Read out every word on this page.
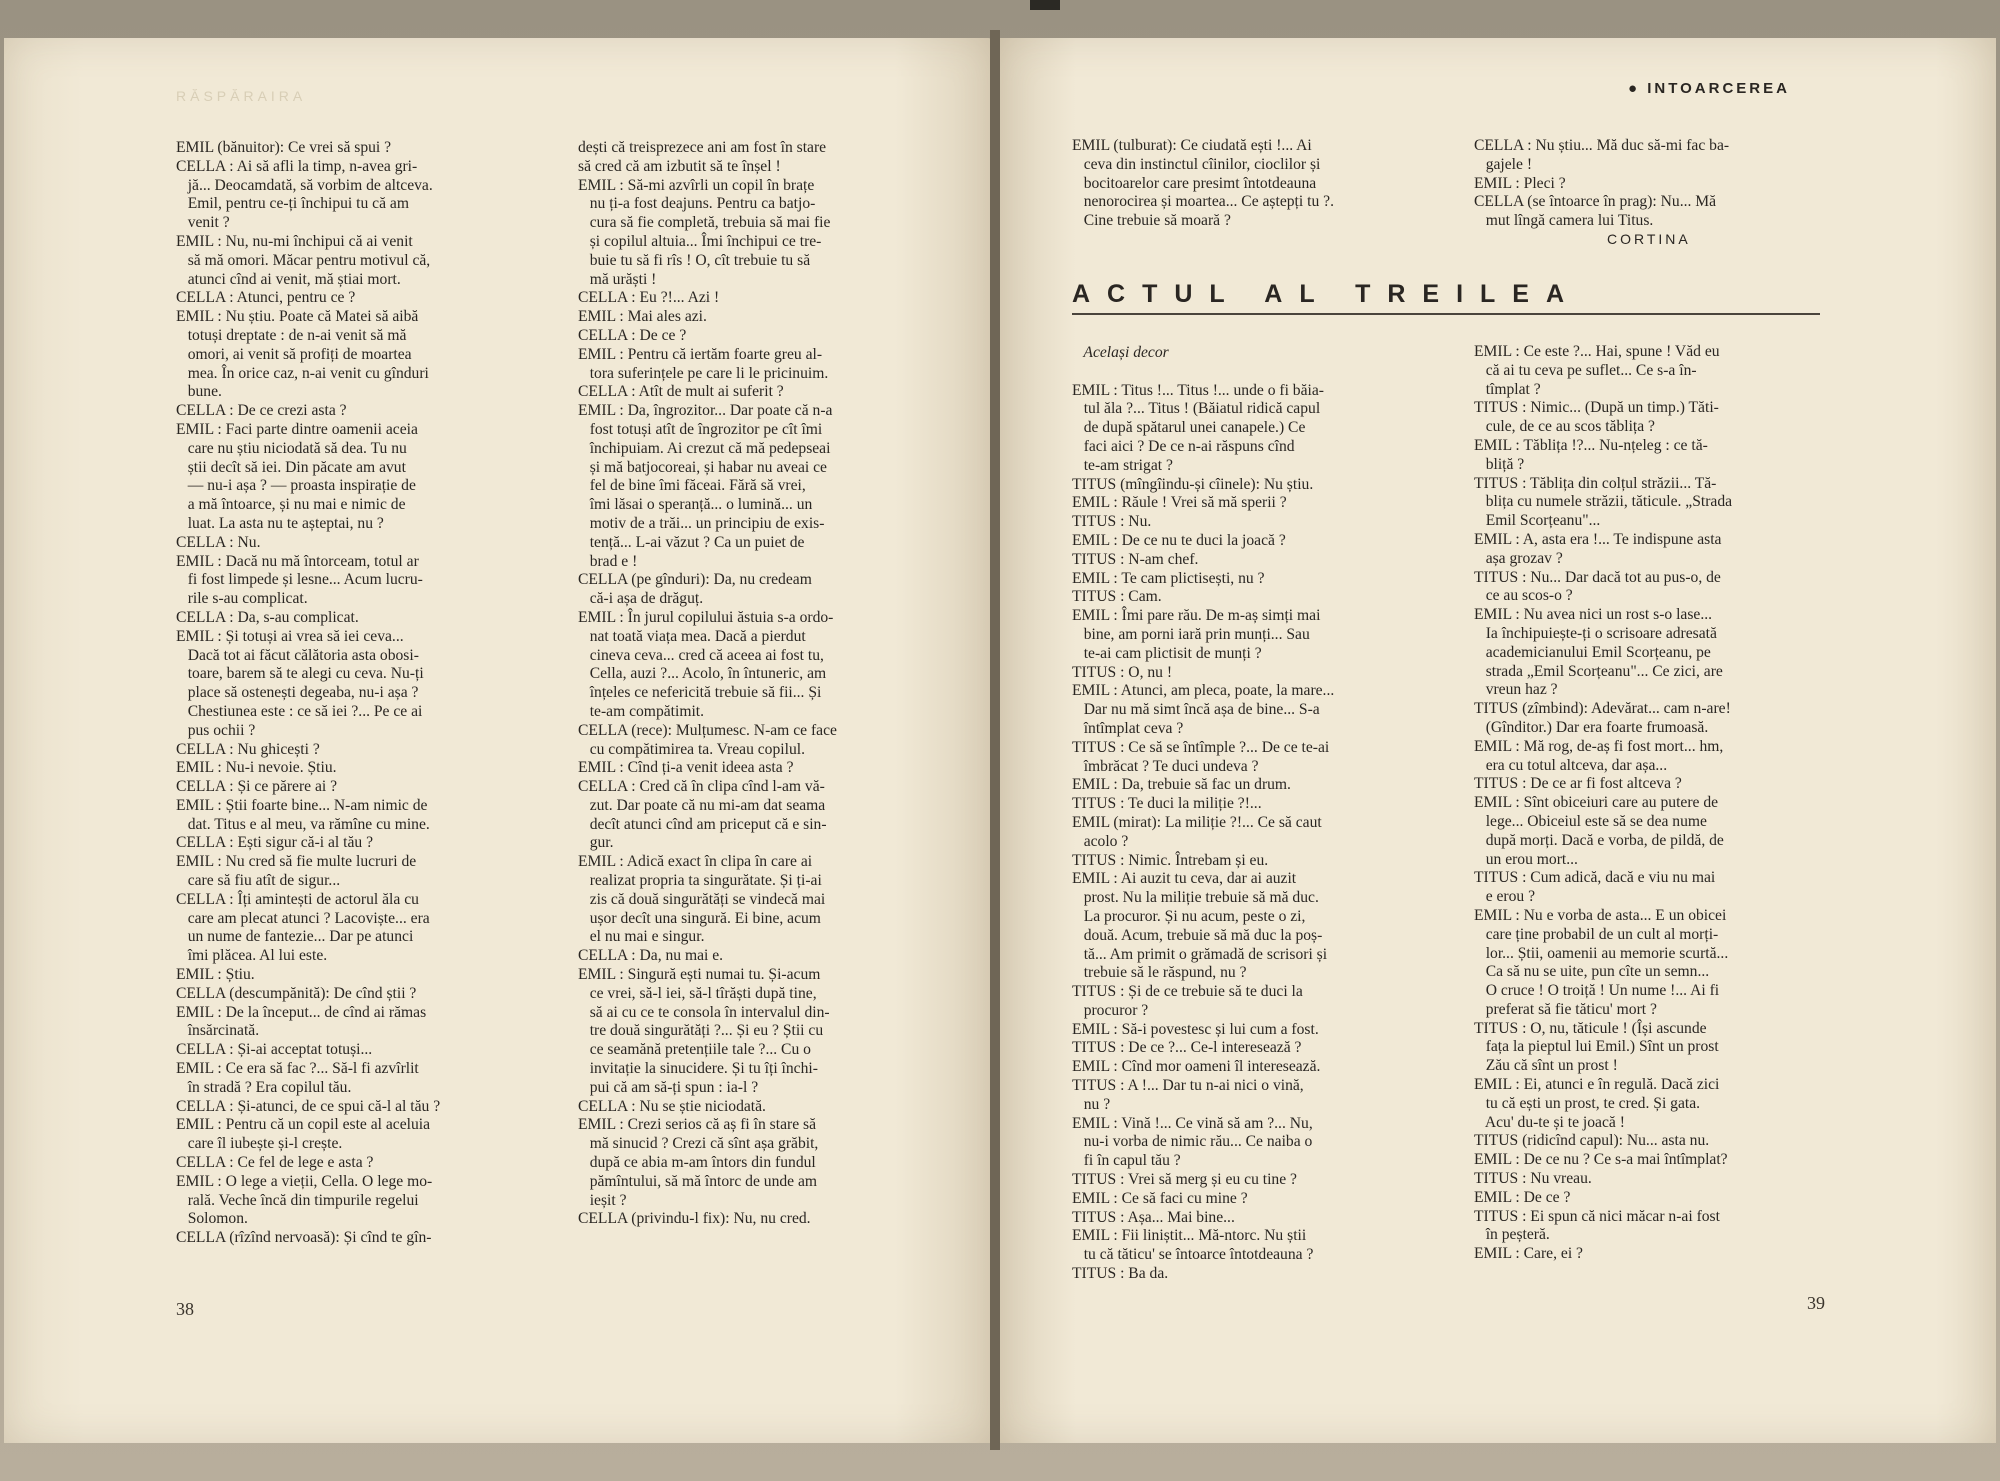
RĂSPĂRAIRA	● INTOARCEREA
EMIL (bănuitor): Ce vrei să spui ?
CELLA : Ai să afli la timp, n-avea gri-
jă... Deocamdată, să vorbim de altceva.
Emil, pentru ce-ți închipui tu că am
venit ?
EMIL : Nu, nu-mi închipui că ai venit
să mă omori. Măcar pentru motivul că,
atunci cînd ai venit, mă știai mort.
CELLA : Atunci, pentru ce ?
EMIL : Nu știu. Poate că Matei să aibă
totuși dreptate : de n-ai venit să mă
omori, ai venit să profiți de moartea
mea. În orice caz, n-ai venit cu gînduri
bune.
CELLA : De ce crezi asta ?
EMIL : Faci parte dintre oamenii aceia
care nu știu niciodată să dea. Tu nu
știi decît să iei. Din păcate am avut
— nu-i așa ? — proasta inspirație de
a mă întoarce, și nu mai e nimic de
luat. La asta nu te așteptai, nu ?
CELLA : Nu.
EMIL : Dacă nu mă întorceam, totul ar
fi fost limpede și lesne... Acum lucru-
rile s-au complicat.
CELLA : Da, s-au complicat.
EMIL : Și totuși ai vrea să iei ceva...
Dacă tot ai făcut călătoria asta obosi-
toare, barem să te alegi cu ceva. Nu-ți
place să ostenești degeaba, nu-i așa ?
Chestiunea este : ce să iei ?... Pe ce ai
pus ochii ?
CELLA : Nu ghicești ?
EMIL : Nu-i nevoie. Știu.
CELLA : Și ce părere ai ?
EMIL : Știi foarte bine... N-am nimic de
dat. Titus e al meu, va rămîne cu mine.
CELLA : Ești sigur că-i al tău ?
EMIL : Nu cred să fie multe lucruri de
care să fiu atît de sigur...
CELLA : Îți amintești de actorul ăla cu
care am plecat atunci ? Lacoviște... era
un nume de fantezie... Dar pe atunci
îmi plăcea. Al lui este.
EMIL : Știu.
CELLA (descumpănită): De cînd știi ?
EMIL : De la început... de cînd ai rămas
însărcinată.
CELLA : Și-ai acceptat totuși...
EMIL : Ce era să fac ?... Să-l fi azvîrlit
în stradă ? Era copilul tău.
CELLA : Și-atunci, de ce spui că-l al tău ?
EMIL : Pentru că un copil este al aceluia
care îl iubește și-l crește.
CELLA : Ce fel de lege e asta ?
EMIL : O lege a vieții, Cella. O lege mo-
rală. Veche încă din timpurile regelui
Solomon.
CELLA (rîzînd nervoasă): Și cînd te gîn-
dești că treisprezece ani am fost în stare
să cred că am izbutit să te înșel !
EMIL : Să-mi azvîrli un copil în brațe
nu ți-a fost deajuns. Pentru ca batjo-
cura să fie completă, trebuia să mai fie
și copilul altuia... Îmi închipui ce tre-
buie tu să fi rîs ! O, cît trebuie tu să
mă urăști !
CELLA : Eu ?!... Azi !
EMIL : Mai ales azi.
CELLA : De ce ?
EMIL : Pentru că iertăm foarte greu al-
tora suferințele pe care li le pricinuim.
CELLA : Atît de mult ai suferit ?
EMIL : Da, îngrozitor... Dar poate că n-a
fost totuși atît de îngrozitor pe cît îmi
închipuiam. Ai crezut că mă pedepseai
și mă batjocoreai, și habar nu aveai ce
fel de bine îmi făceai. Fără să vrei,
îmi lăsai o speranță... o lumină... un
motiv de a trăi... un principiu de exis-
tență... L-ai văzut ? Ca un puiet de
brad e !
CELLA (pe gînduri): Da, nu credeam
că-i așa de drăguț.
EMIL : În jurul copilului ăstuia s-a ordo-
nat toată viața mea. Dacă a pierdut
cineva ceva... cred că aceea ai fost tu,
Cella, auzi ?... Acolo, în întuneric, am
înțeles ce nefericită trebuie să fii... Și
te-am compătimit.
CELLA (rece): Mulțumesc. N-am ce face
cu compătimirea ta. Vreau copilul.
EMIL : Cînd ți-a venit ideea asta ?
CELLA : Cred că în clipa cînd l-am vă-
zut. Dar poate că nu mi-am dat seama
decît atunci cînd am priceput că e sin-
gur.
EMIL : Adică exact în clipa în care ai
realizat propria ta singurătate. Și ți-ai
zis că două singurătăți se vindecă mai
ușor decît una singură. Ei bine, acum
el nu mai e singur.
CELLA : Da, nu mai e.
EMIL : Singură ești numai tu. Și-acum
ce vrei, să-l iei, să-l tîrăști după tine,
să ai cu ce te consola în intervalul din-
tre două singurătăți ?... Și eu ? Știi cu
ce seamănă pretențiile tale ?... Cu o
invitație la sinucidere. Și tu îți închi-
pui că am să-ți spun : ia-l ?
CELLA : Nu se știe niciodată.
EMIL : Crezi serios că aș fi în stare să
mă sinucid ? Crezi că sînt așa grăbit,
după ce abia m-am întors din fundul
pămîntului, să mă întorc de unde am
ieșit ?
CELLA (privindu-l fix): Nu, nu cred.
EMIL (tulburat): Ce ciudată ești !... Ai
ceva din instinctul cîinilor, cioclilor și
bocitoarelor care presimt întotdeauna
nenorocirea și moartea... Ce aștepți tu ?.
Cine trebuie să moară ?
CELLA : Nu știu... Mă duc să-mi fac ba-
gajele !
EMIL : Pleci ?
CELLA (se întoarce în prag): Nu... Mă
mut lîngă camera lui Titus.
CORTINA
ACTUL AL TREILEA
Același decor

EMIL : Titus !... Titus !... unde o fi băia-
tul ăla ?... Titus ! (Băiatul ridică capul
de după spătarul unei canapele.) Ce
faci aici ? De ce n-ai răspuns cînd
te-am strigat ?
TITUS (mîngîindu-și cîinele): Nu știu.
EMIL : Răule ! Vrei să mă sperii ?
TITUS : Nu.
EMIL : De ce nu te duci la joacă ?
TITUS : N-am chef.
EMIL : Te cam plictisești, nu ?
TITUS : Cam.
EMIL : Îmi pare rău. De m-aș simți mai
bine, am porni iară prin munți... Sau
te-ai cam plictisit de munți ?
TITUS : O, nu !
EMIL : Atunci, am pleca, poate, la mare...
Dar nu mă simt încă așa de bine... S-a
întîmplat ceva ?
TITUS : Ce să se întîmple ?... De ce te-ai
îmbrăcat ? Te duci undeva ?
EMIL : Da, trebuie să fac un drum.
TITUS : Te duci la miliție ?!...
EMIL (mirat): La miliție ?!... Ce să caut
acolo ?
TITUS : Nimic. Întrebam și eu.
EMIL : Ai auzit tu ceva, dar ai auzit
prost. Nu la miliție trebuie să mă duc.
La procuror. Și nu acum, peste o zi,
două. Acum, trebuie să mă duc la poș-
tă... Am primit o grămadă de scrisori și
trebuie să le răspund, nu ?
TITUS : Și de ce trebuie să te duci la
procuror ?
EMIL : Să-i povestesc și lui cum a fost.
TITUS : De ce ?... Ce-l interesează ?
EMIL : Cînd mor oameni îl interesează.
TITUS : A !... Dar tu n-ai nici o vină,
nu ?
EMIL : Vină !... Ce vină să am ?... Nu,
nu-i vorba de nimic rău... Ce naiba o
fi în capul tău ?
TITUS : Vrei să merg și eu cu tine ?
EMIL : Ce să faci cu mine ?
TITUS : Așa... Mai bine...
EMIL : Fii liniștit... Mă-ntorc. Nu știi
tu că tăticu' se întoarce întotdeauna ?
TITUS : Ba da.
EMIL : Ce este ?... Hai, spune ! Văd eu
că ai tu ceva pe suflet... Ce s-a în-
tîmplat ?
TITUS : Nimic... (După un timp.) Tăti-
cule, de ce au scos tăblița ?
EMIL : Tăblița !?... Nu-nțeleg : ce tă-
bliță ?
TITUS : Tăblița din colțul străzii... Tă-
blița cu numele străzii, tăticule. „Strada
Emil Scorțeanu"...
EMIL : A, asta era !... Te indispune asta
așa grozav ?
TITUS : Nu... Dar dacă tot au pus-o, de
ce au scos-o ?
EMIL : Nu avea nici un rost s-o lase...
Ia închipuiește-ți o scrisoare adresată
academicianului Emil Scorțeanu, pe
strada „Emil Scorțeanu"... Ce zici, are
vreun haz ?
TITUS (zîmbind): Adevărat... cam n-are!
(Gînditor.) Dar era foarte frumoasă.
EMIL : Mă rog, de-aș fi fost mort... hm,
era cu totul altceva, dar așa...
TITUS : De ce ar fi fost altceva ?
EMIL : Sînt obiceiuri care au putere de
lege... Obiceiul este să se dea nume
după morți. Dacă e vorba, de pildă, de
un erou mort...
TITUS : Cum adică, dacă e viu nu mai
e erou ?
EMIL : Nu e vorba de asta... E un obicei
care ține probabil de un cult al morți-
lor... Știi, oamenii au memorie scurtă...
Ca să nu se uite, pun cîte un semn...
O cruce ! O troiță ! Un nume !... Ai fi
preferat să fie tăticu' mort ?
TITUS : O, nu, tăticule ! (Își ascunde
fața la pieptul lui Emil.) Sînt un prost
Zău că sînt un prost !
EMIL : Ei, atunci e în regulă. Dacă zici
tu că ești un prost, te cred. Și gata.
Acu' du-te și te joacă !
TITUS (ridicînd capul): Nu... asta nu.
EMIL : De ce nu ? Ce s-a mai întîmplat?
TITUS : Nu vreau.
EMIL : De ce ?
TITUS : Ei spun că nici măcar n-ai fost
în peșteră.
EMIL : Care, ei ?
38	39
